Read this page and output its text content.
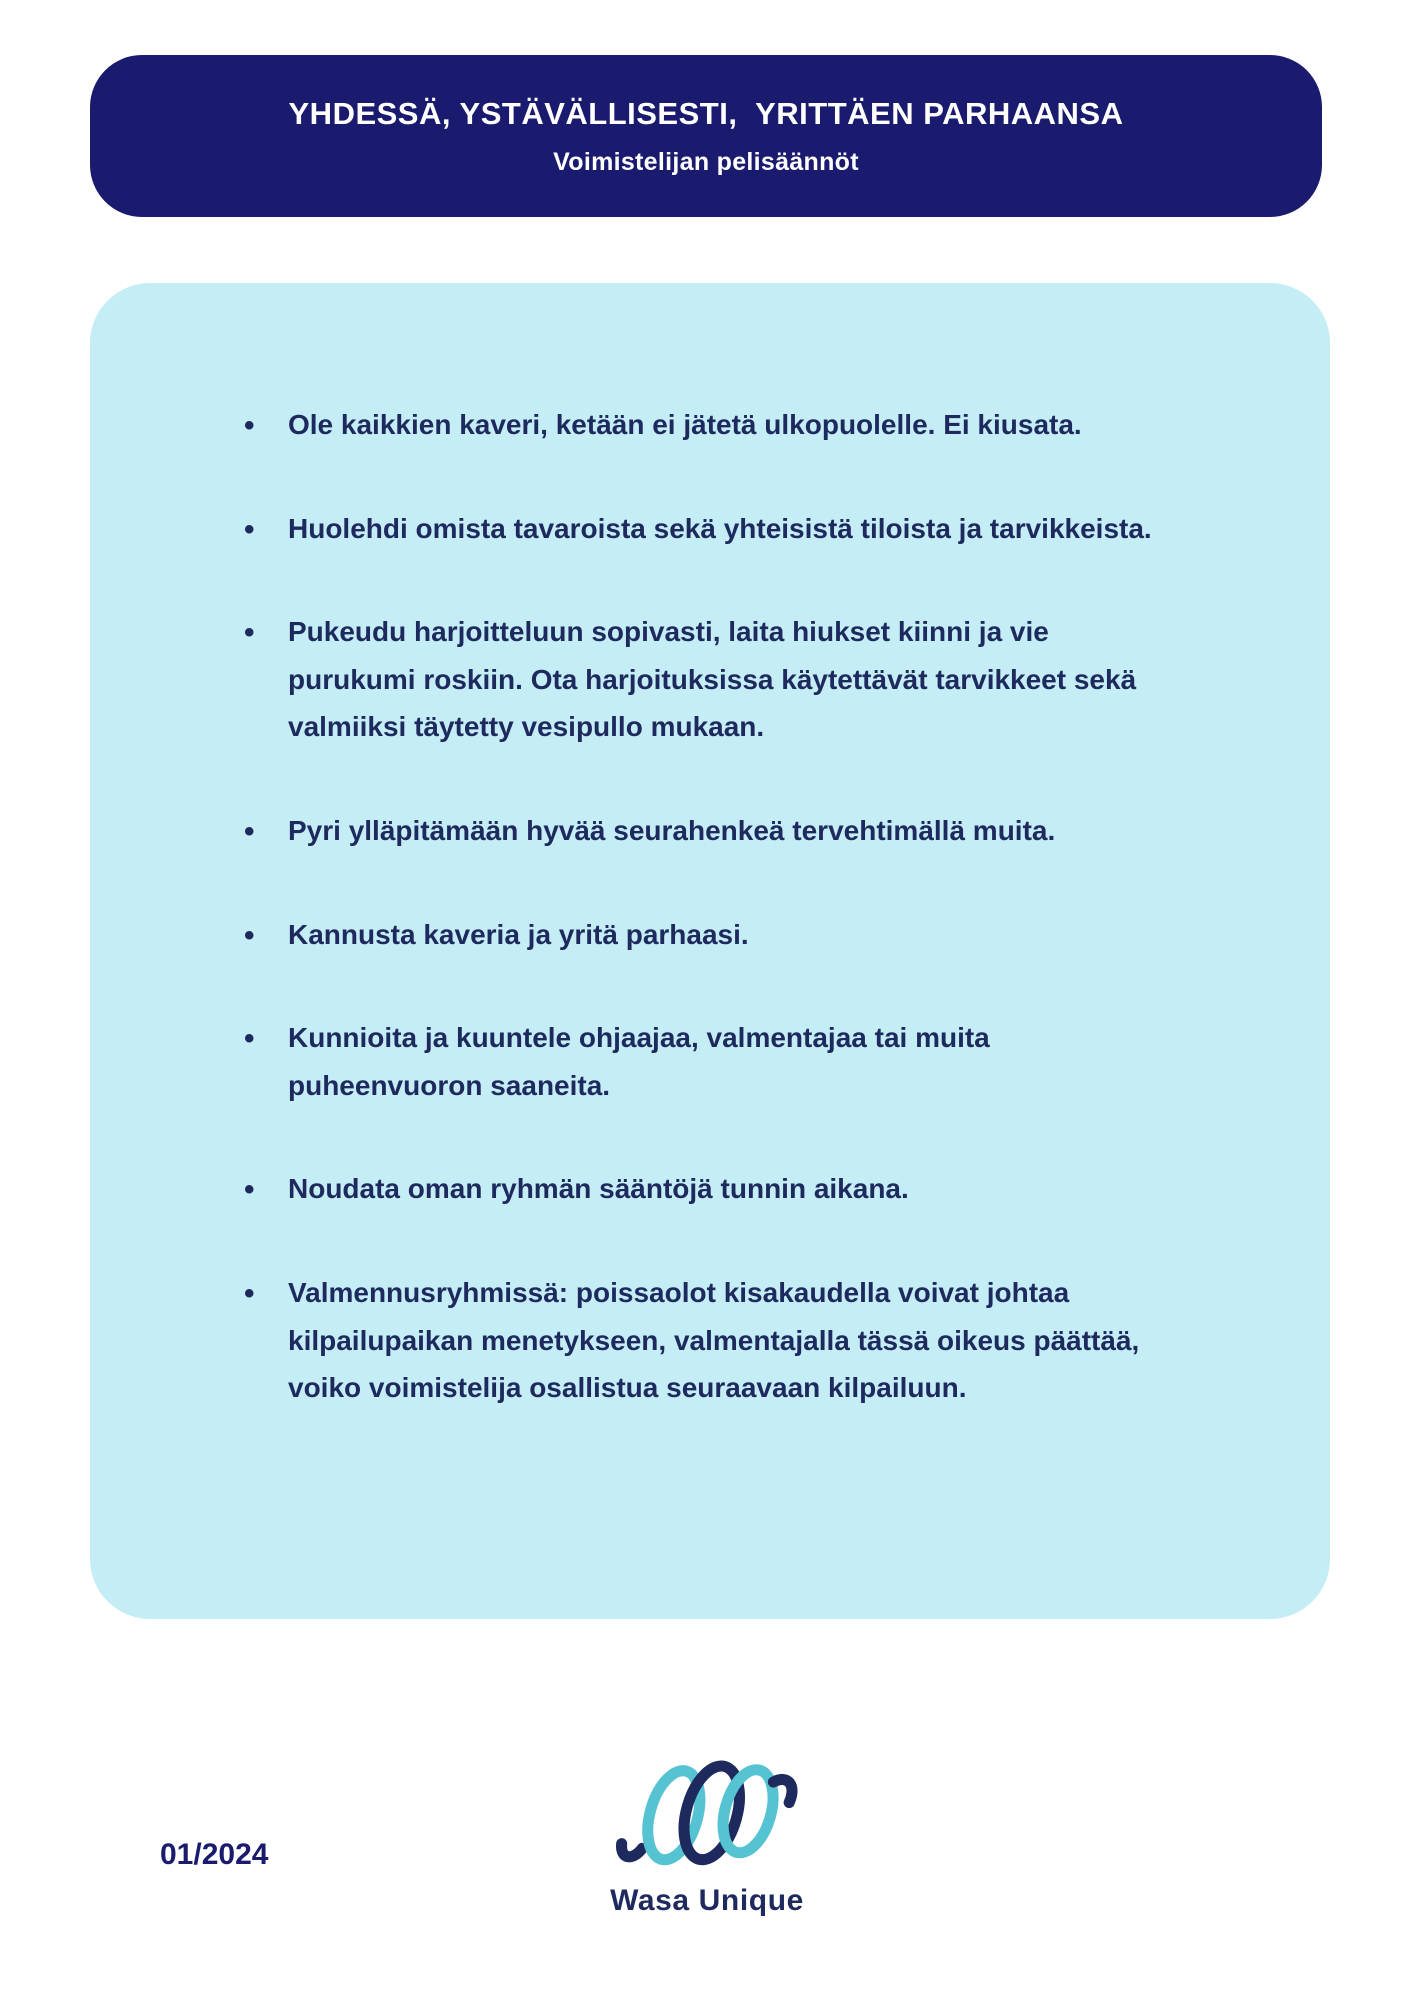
YHDESSÄ, YSTÄVÄLLISESTI,  YRITTÄEN PARHAANSA
Voimistelijan pelisäännöt
• Ole kaikkien kaveri, ketään ei jätetä ulkopuolelle. Ei kiusata.
• Huolehdi omista tavaroista sekä yhteisistä tiloista ja tarvikkeista.
• Pukeudu harjoitteluun sopivasti, laita hiukset kiinni ja vie purukumi roskiin. Ota harjoituksissa käytettävät tarvikkeet sekä valmiiksi täytetty vesipullo mukaan.
• Pyri ylläpitämään hyvää seurahenkeä tervehtimällä muita.
• Kannusta kaveria ja yritä parhaasi.
• Kunnioita ja kuuntele ohjaajaa, valmentajaa tai muita puheenvuoron saaneita.
• Noudata oman ryhmän sääntöjä tunnin aikana.
• Valmennusryhmissä: poissaolot kisakaudella voivat johtaa kilpailupaikan menetykseen, valmentajalla tässä oikeus päättää, voiko voimistelija osallistua seuraavaan kilpailuun.
01/2024
Wasa Unique
